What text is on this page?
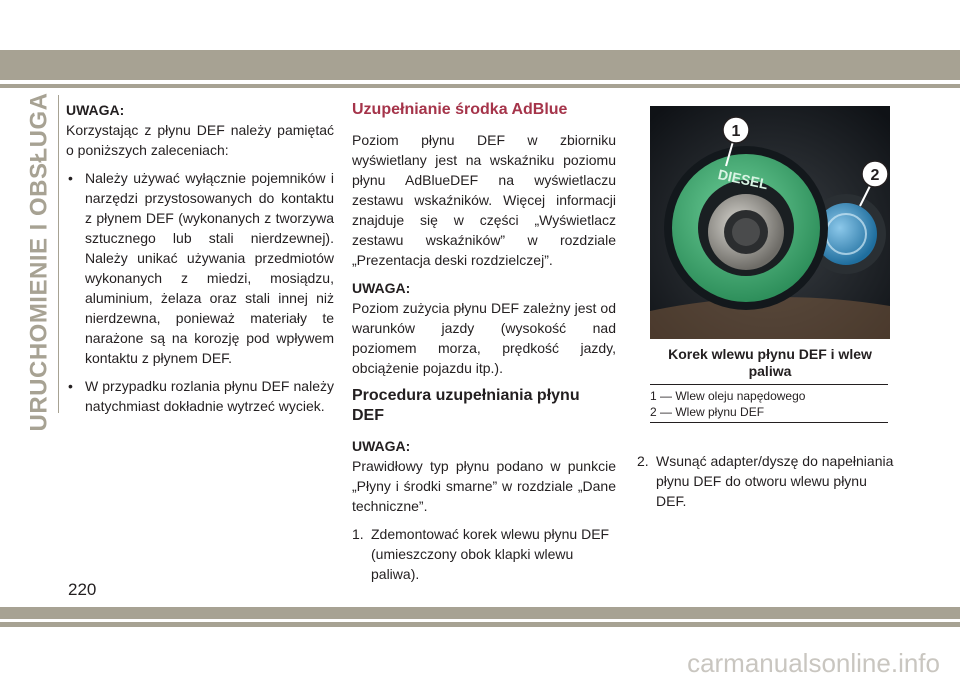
URUCHOMIENIE I OBSŁUGA UWAGA:

Korzystając z płynu DEF należy pamiętać o poniższych zaleceniach:

• Należy używać wyłącznie pojemników i narzędzi przystosowanych do kontaktu z płynem DEF (wykonanych z tworzywa sztucznego lub stali nierdzewnej). Należy unikać używania przedmiotów wykonanych z miedzi, mosiądzu, aluminium, żelaza oraz stali innej niż nierdzewna, ponieważ materiały te narażone są na korozję pod wpływem kontaktu z płynem DEF.
• W przypadku rozlania płynu DEF należy natychmiast dokładnie wytrzeć wyciek.
Uzupełnianie środka AdBlue

Poziom płynu DEF w zbiorniku wyświetlany jest na wskaźniku poziomu płynu AdBlueDEF na wyświetlaczu zestawu wskaźników. Więcej informacji znajduje się w części „Wyświetlacz zestawu wskaźników” w rozdziale „Prezentacja deski rozdzielczej”.

UWAGA:

Poziom zużycia płynu DEF zależny jest od warunków jazdy (wysokość nad poziomem morza, prędkość jazdy, obciążenie pojazdu itp.).

Procedura uzupełniania płynu DEF
UWAGA:

Prawidłowy typ płynu podano w punkcie „Płyny i środki smarne” w rozdziale „Dane techniczne”.

1. Zdemontować korek wlewu płynu DEF (umieszczony obok klapki wlewu paliwa).
DIESEL
1
2
Korek wlewu płynu DEF i wlew paliwa
1 — Wlew oleju napędowego
2 — Wlew płynu DEF
2. Wsunąć adapter/dyszę do napełniania płynu DEF do otworu wlewu płynu DEF.
220
carmanualsonline.info
